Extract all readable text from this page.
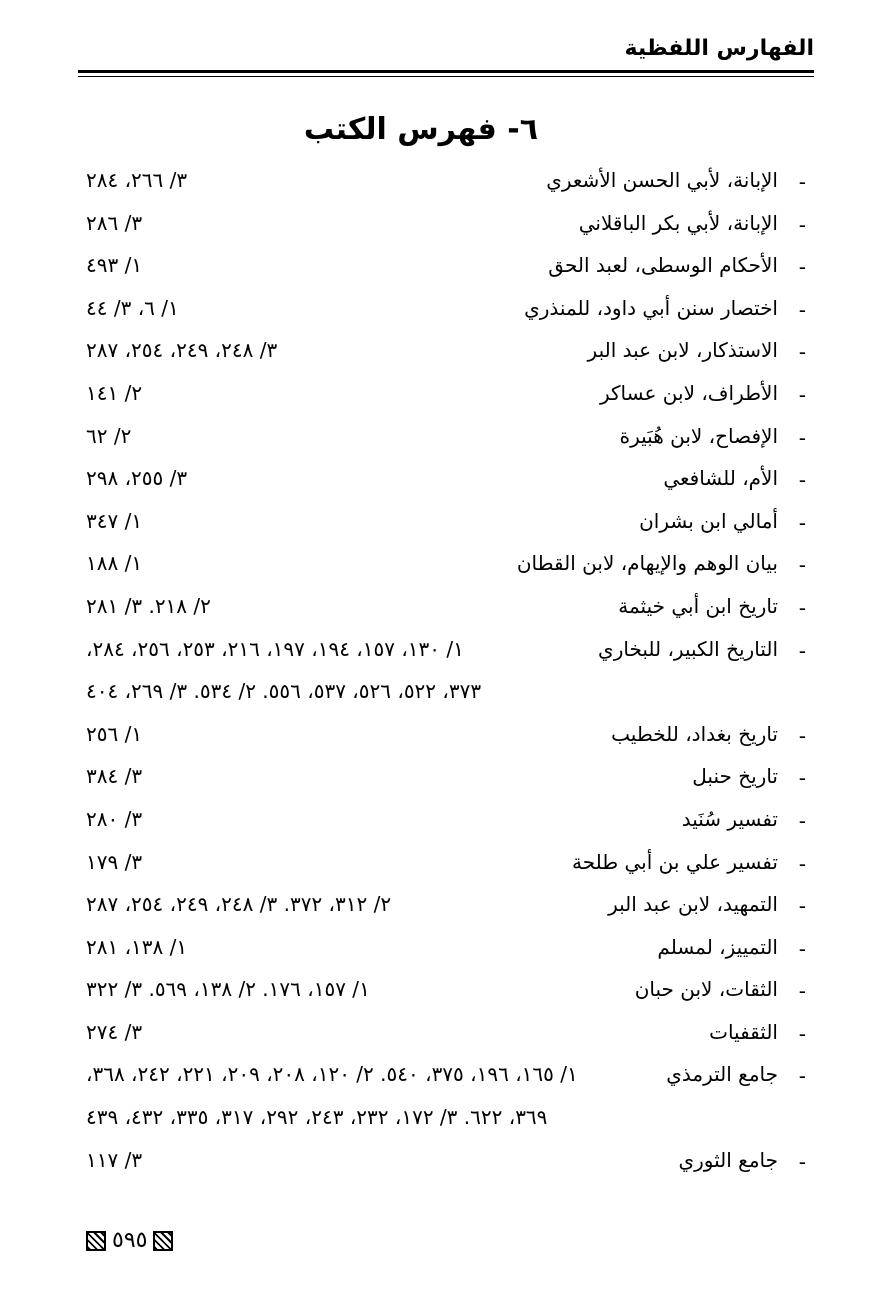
الفهارس اللفظية
٦- فهرس الكتب
-
الإبانة، لأبي الحسن الأشعري
٣/ ٢٦٦، ٢٨٤
-
الإبانة، لأبي بكر الباقلاني
٣/ ٢٨٦
-
الأحكام الوسطى، لعبد الحق
١/ ٤٩٣
-
اختصار سنن أبي داود، للمنذري
١/ ٦، ٣/ ٤٤
-
الاستذكار، لابن عبد البر
٣/ ٢٤٨، ٢٤٩، ٢٥٤، ٢٨٧
-
الأطراف، لابن عساكر
٢/ ١٤١
-
الإفصاح، لابن هُبَيرة
٢/ ٦٢
-
الأم، للشافعي
٣/ ٢٥٥، ٢٩٨
-
أمالي ابن بشران
١/ ٣٤٧
-
بيان الوهم والإيهام، لابن القطان
١/ ١٨٨
-
تاريخ ابن أبي خيثمة
٢/ ٢١٨. ٣/ ٢٨١
-
التاريخ الكبير، للبخاري
١/ ١٣٠، ١٥٧، ١٩٤، ١٩٧، ٢١٦، ٢٥٣، ٢٥٦، ٢٨٤،
٣٧٣، ٥٢٢، ٥٢٦، ٥٣٧، ٥٥٦. ٢/ ٥٣٤. ٣/ ٢٦٩، ٤٠٤
-
تاريخ بغداد، للخطيب
١/ ٢٥٦
-
تاريخ حنبل
٣/ ٣٨٤
-
تفسير سُنَيد
٣/ ٢٨٠
-
تفسير علي بن أبي طلحة
٣/ ١٧٩
-
التمهيد، لابن عبد البر
٢/ ٣١٢، ٣٧٢. ٣/ ٢٤٨، ٢٤٩، ٢٥٤، ٢٨٧
-
التمييز، لمسلم
١/ ١٣٨، ٢٨١
-
الثقات، لابن حبان
١/ ١٥٧، ١٧٦. ٢/ ١٣٨، ٥٦٩. ٣/ ٣٢٢
-
الثقفيات
٣/ ٢٧٤
-
جامع الترمذي
١/ ١٦٥، ١٩٦، ٣٧٥، ٥٤٠. ٢/ ١٢٠، ٢٠٨، ٢٠٩، ٢٢١، ٢٤٢، ٣٦٨،
٣٦٩، ٦٢٢. ٣/ ١٧٢، ٢٣٢، ٢٤٣، ٢٩٢، ٣١٧، ٣٣٥، ٤٣٢، ٤٣٩
-
جامع الثوري
٣/ ١١٧
٥٩٥
